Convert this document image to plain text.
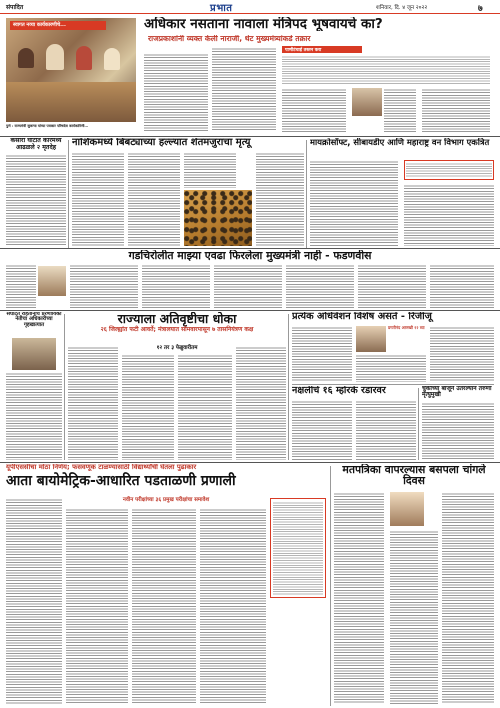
संपादित	प्रभात	शनिवार, दि. ४ जून २०२२	७
स्वागत नव्या कार्यकारणीचे...
पुणे : राज्यमंत्री सुकन्या यांच्या पत्रकार परिषदेस कार्यकारिणी...
अधिकार नसताना नावाला मंत्रिपद भूषवायचे का?
राजप्रकाशांनी व्यक्त केली नाराजी, थेट मुख्यमंत्र्यांकडे तक्रार
पाणीटंचाई तस्तन करा
कसारा घाटात कारमध्ये आढळले २ मृतदेह	नाशिकमध्ये बिबट्याच्या हल्ल्यात शेतमजुराचा मृत्यू	मायक्रोसॉफ्ट, सीबायडीए आणि महाराष्ट्र वन विभाग एकत्रित
गडचिरोलीत माझ्या एवढा फिरलेला मुख्यमंत्री नाही - फडणवीस
संघटित रोहतानाचे प्रेरणायिका नेतीचा अधिकारीच्या गृहखात्यात	राज्याला अतिवृष्टीचा धोका
२६ जिल्ह्यांत फटी आवर्ते; मंत्रालयात सोमवारपासून ७ तासनियंत्रण कक्ष
१२ तर ३ फेब्रुवारीतम
प्रत्येक अधिवेशन विशेष असते - रिजीजू
प्रगतीनंद आणखी १२ व्या
नक्षलींचे १६ म्होरके रडारवर	चुकीच्या बाजूने उतरल्याने तरुणा मृत्युमुखी
यूपीएससीचा मोठा निर्णय; फसवणूक टाळण्यासाठी विद्यार्थ्यांची घेतला पुढाकार
आता बायोमेट्रिक-आधारित पडताळणी प्रणाली
नवीन परीक्षांच्या ३६ प्रमुख परीक्षांचा समावेश
मतपत्रिका वापरल्यास बसपला चांगले दिवस
